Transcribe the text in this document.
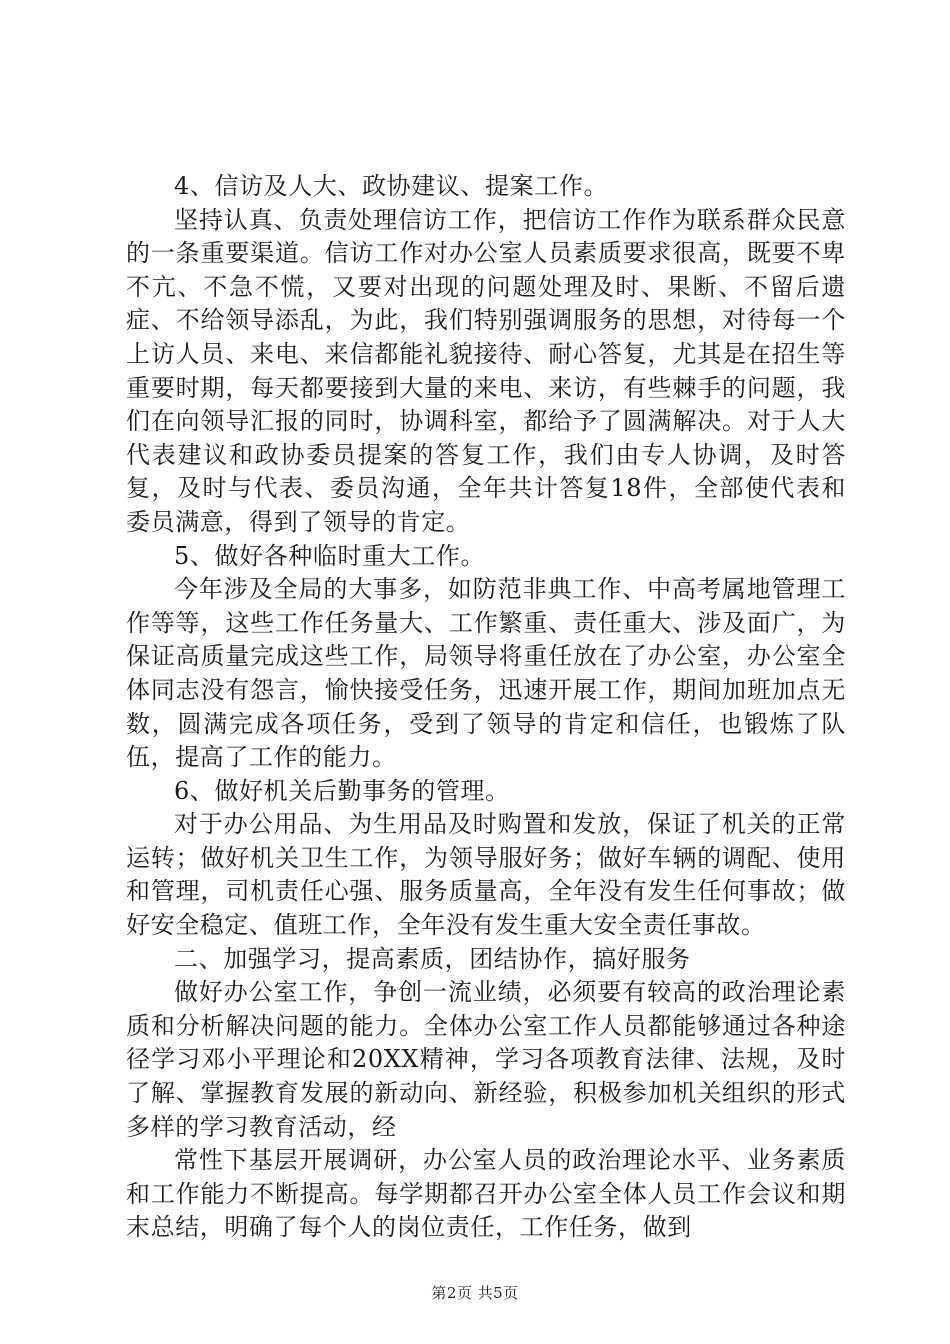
4、信访及人大、政协建议、提案工作。

坚持认真、负责处理信访工作，把信访工作作为联系群众民意的一条重要渠道。信访工作对办公室人员素质要求很高，既要不卑不亢、不急不慌，又要对出现的问题处理及时、果断、不留后遗症、不给领导添乱，为此，我们特别强调服务的思想，对待每一个上访人员、来电、来信都能礼貌接待、耐心答复，尤其是在招生等重要时期，每天都要接到大量的来电、来访，有些棘手的问题，我们在向领导汇报的同时，协调科室，都给予了圆满解决。对于人大代表建议和政协委员提案的答复工作，我们由专人协调，及时答复，及时与代表、委员沟通，全年共计答复18件，全部使代表和委员满意，得到了领导的肯定。

5、做好各种临时重大工作。

今年涉及全局的大事多，如防范非典工作、中高考属地管理工作等等，这些工作任务量大、工作繁重、责任重大、涉及面广，为保证高质量完成这些工作，局领导将重任放在了办公室，办公室全体同志没有怨言，愉快接受任务，迅速开展工作，期间加班加点无数，圆满完成各项任务，受到了领导的肯定和信任，也锻炼了队伍，提高了工作的能力。

6、做好机关后勤事务的管理。

对于办公用品、为生用品及时购置和发放，保证了机关的正常运转；做好机关卫生工作，为领导服好务；做好车辆的调配、使用和管理，司机责任心强、服务质量高，全年没有发生任何事故；做好安全稳定、值班工作，全年没有发生重大安全责任事故。

二、加强学习，提高素质，团结协作，搞好服务

做好办公室工作，争创一流业绩，必须要有较高的政治理论素质和分析解决问题的能力。全体办公室工作人员都能够通过各种途径学习邓小平理论和20XX精神，学习各项教育法律、法规，及时了解、掌握教育发展的新动向、新经验，积极参加机关组织的形式多样的学习教育活动，经

常性下基层开展调研，办公室人员的政治理论水平、业务素质和工作能力不断提高。每学期都召开办公室全体人员工作会议和期末总结，明确了每个人的岗位责任，工作任务，做到

第2页 共5页
